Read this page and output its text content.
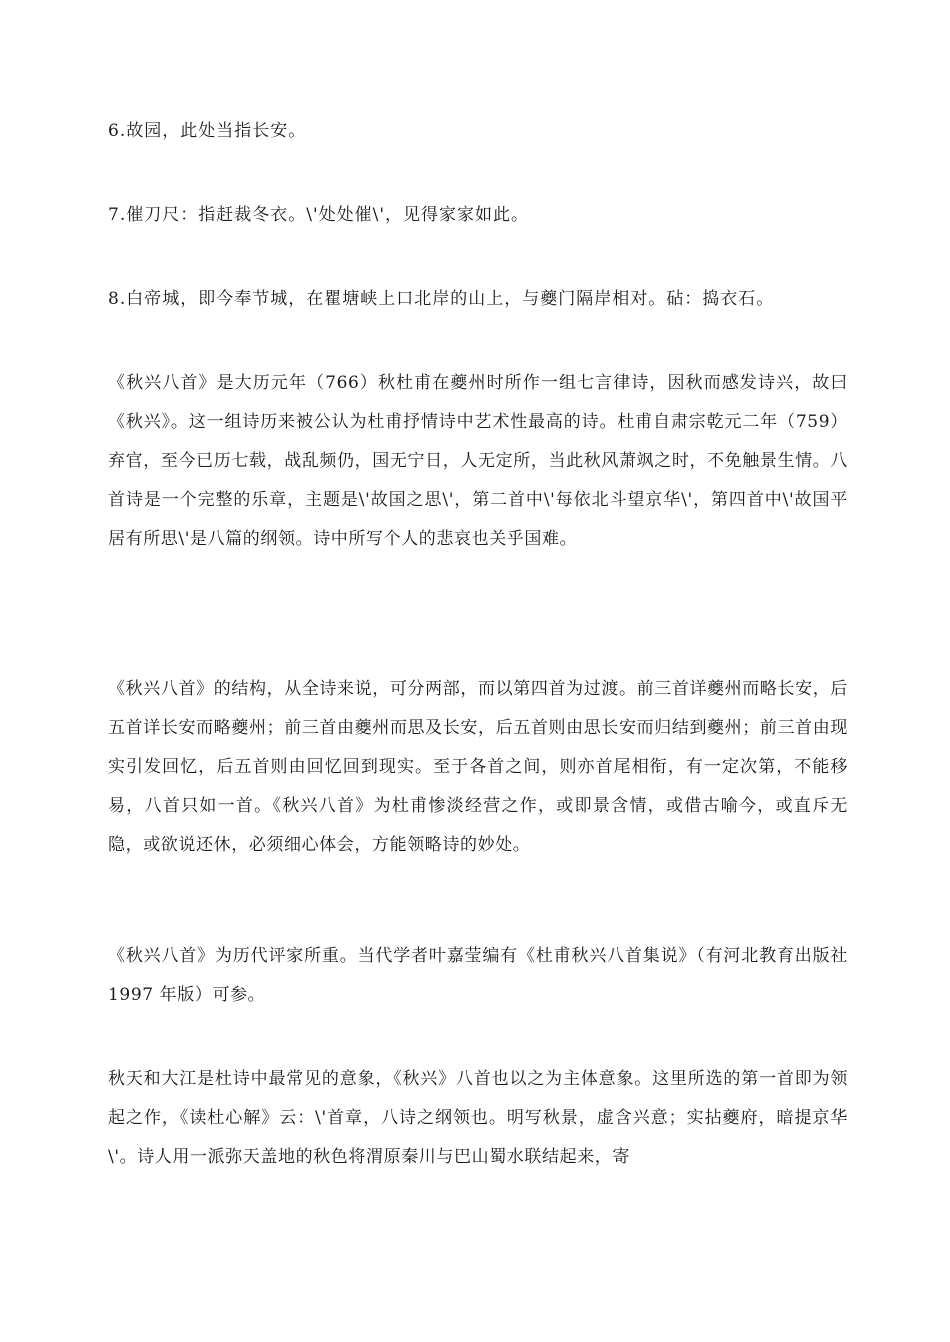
6.故园，此处当指长安。

7.催刀尺：指赶裁冬衣。\'处处催\'，见得家家如此。

8.白帝城，即今奉节城，在瞿塘峡上口北岸的山上，与夔门隔岸相对。砧：捣衣石。

《秋兴八首》是大历元年（766）秋杜甫在夔州时所作一组七言律诗，因秋而感发诗兴，故曰《秋兴》。这一组诗历来被公认为杜甫抒情诗中艺术性最高的诗。杜甫自肃宗乾元二年（759）弃官，至今已历七载，战乱频仍，国无宁日，人无定所，当此秋风萧飒之时，不免触景生情。八首诗是一个完整的乐章，主题是\'故国之思\'，第二首中\'每依北斗望京华\'，第四首中\'故国平居有所思\'是八篇的纲领。诗中所写个人的悲哀也关乎国难。

《秋兴八首》的结构，从全诗来说，可分两部，而以第四首为过渡。前三首详夔州而略长安，后五首详长安而略夔州；前三首由夔州而思及长安，后五首则由思长安而归结到夔州；前三首由现实引发回忆，后五首则由回忆回到现实。至于各首之间，则亦首尾相衔，有一定次第，不能移易，八首只如一首。《秋兴八首》为杜甫惨淡经营之作，或即景含情，或借古喻今，或直斥无隐，或欲说还休，必须细心体会，方能领略诗的妙处。

《秋兴八首》为历代评家所重。当代学者叶嘉莹编有《杜甫秋兴八首集说》（有河北教育出版社 1997 年版）可参。

秋天和大江是杜诗中最常见的意象，《秋兴》八首也以之为主体意象。这里所选的第一首即为领起之作，《读杜心解》云：\'首章，八诗之纲领也。明写秋景，虚含兴意；实拈夔府，暗提京华\'。诗人用一派弥天盖地的秋色将渭原秦川与巴山蜀水联结起来，寄
